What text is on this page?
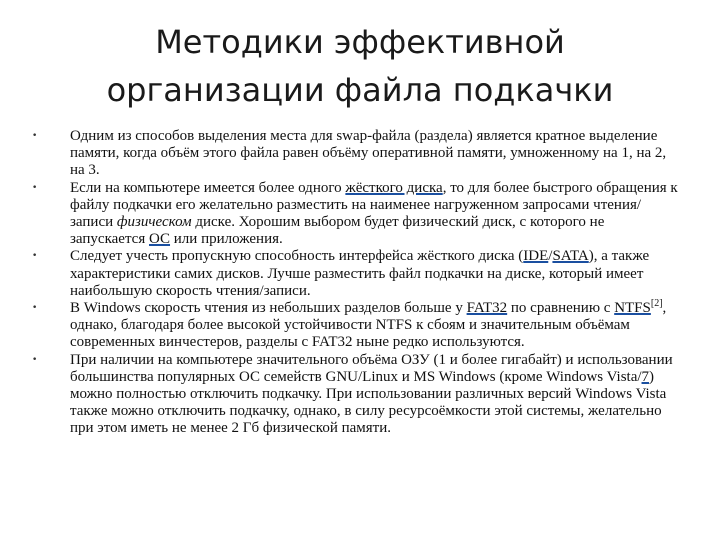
Методики эффективной
организации файла подкачки
•	Одним из способов выделения места для swap-файла (раздела) является кратное выделение памяти, когда объём этого файла равен объёму оперативной памяти, умноженному на 1, на 2, на 3.
•	Если на компьютере имеется более одного жёсткого диска, то для более быстрого обращения к файлу подкачки его желательно разместить на наименее нагруженном запросами чтения/записи физическом диске. Хорошим выбором будет физический диск, с которого не запускается ОС или приложения.
•	Следует учесть пропускную способность интерфейса жёсткого диска (IDE/SATA), а также характеристики самих дисков. Лучше разместить файл подкачки на диске, который имеет наибольшую скорость чтения/записи.
•	В Windows скорость чтения из небольших разделов больше у FAT32 по сравнению с NTFS[2], однако, благодаря более высокой устойчивости NTFS к сбоям и значительным объёмам современных винчестеров, разделы с FAT32 ныне редко используются.
•	При наличии на компьютере значительного объёма ОЗУ (1 и более гигабайт) и использовании большинства популярных ОС семейств GNU/Linux и MS Windows (кроме Windows Vista/7) можно полностью отключить подкачку. При использовании различных версий Windows Vista также можно отключить подкачку, однако, в силу ресурсоёмкости этой системы, желательно при этом иметь не менее 2 Гб физической памяти.
